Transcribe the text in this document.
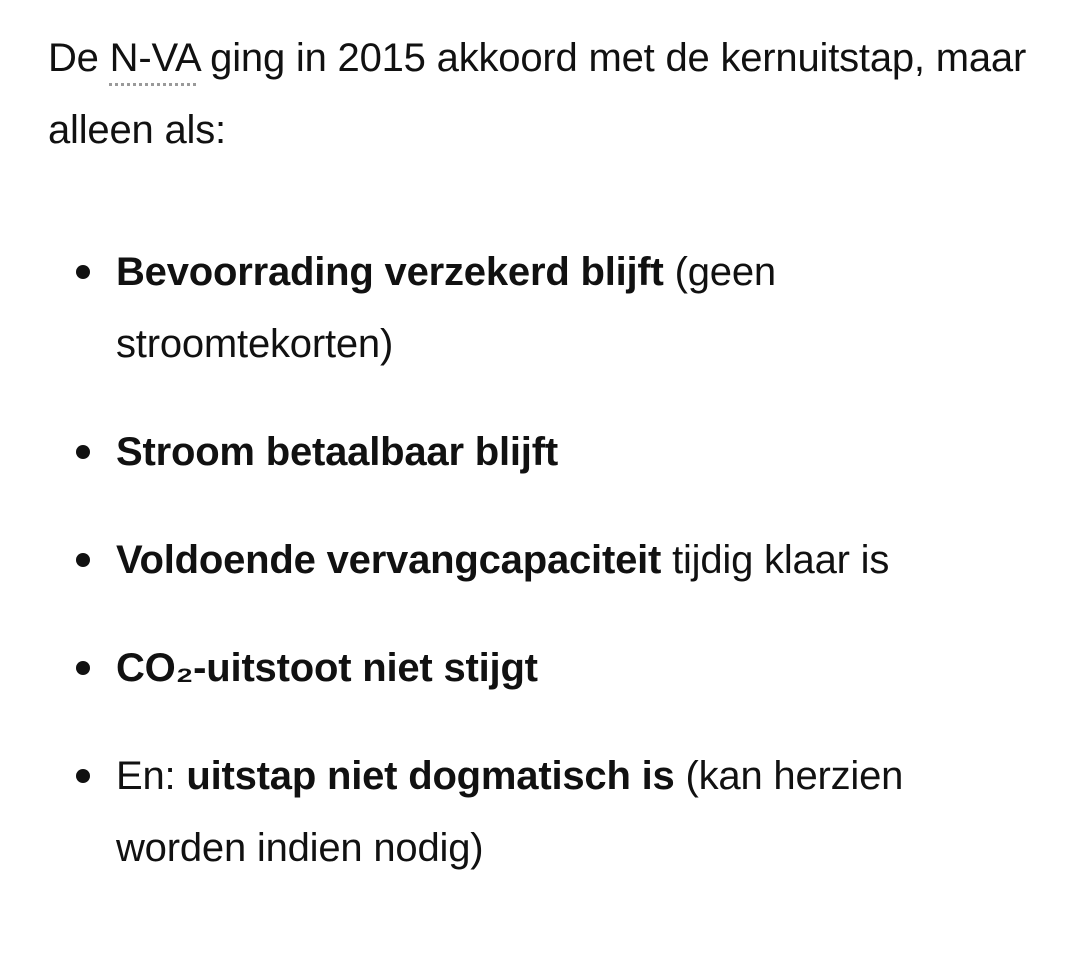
De N-VA ging in 2015 akkoord met de kernuitstap, maar alleen als:

Bevoorrading verzekerd blijft (geen stroomtekorten)
Stroom betaalbaar blijft
Voldoende vervangcapaciteit tijdig klaar is
CO₂-uitstoot niet stijgt
En: uitstap niet dogmatisch is (kan herzien worden indien nodig)
